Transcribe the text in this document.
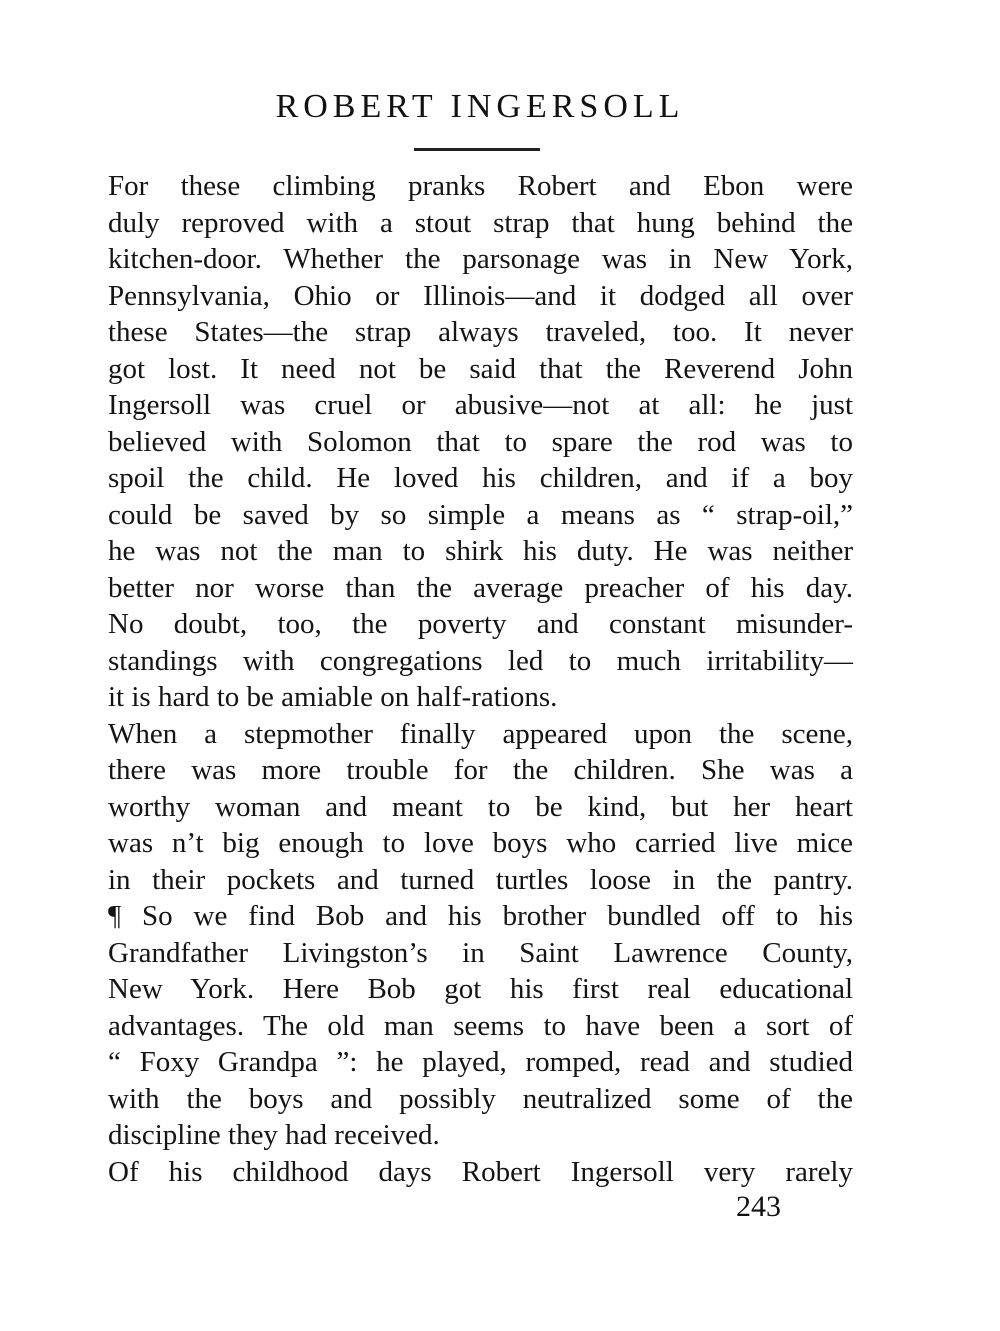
ROBERT INGERSOLL
For these climbing pranks Robert and Ebon were
duly reproved with a stout strap that hung behind the
kitchen-door. Whether the parsonage was in New York,
Pennsylvania, Ohio or Illinois—and it dodged all over
these States—the strap always traveled, too. It never
got lost. It need not be said that the Reverend John
Ingersoll was cruel or abusive—not at all: he just
believed with Solomon that to spare the rod was to
spoil the child. He loved his children, and if a boy
could be saved by so simple a means as “ strap-oil,”
he was not the man to shirk his duty. He was neither
better nor worse than the average preacher of his day.
No doubt, too, the poverty and constant misunder-
standings with congregations led to much irritability—
it is hard to be amiable on half-rations.
When a stepmother finally appeared upon the scene,
there was more trouble for the children. She was a
worthy woman and meant to be kind, but her heart
was n’t big enough to love boys who carried live mice
in their pockets and turned turtles loose in the pantry.
¶ So we find Bob and his brother bundled off to his
Grandfather Livingston’s in Saint Lawrence County,
New York. Here Bob got his first real educational
advantages. The old man seems to have been a sort of
“ Foxy Grandpa ”: he played, romped, read and studied
with the boys and possibly neutralized some of the
discipline they had received.
Of his childhood days Robert Ingersoll very rarely
243
